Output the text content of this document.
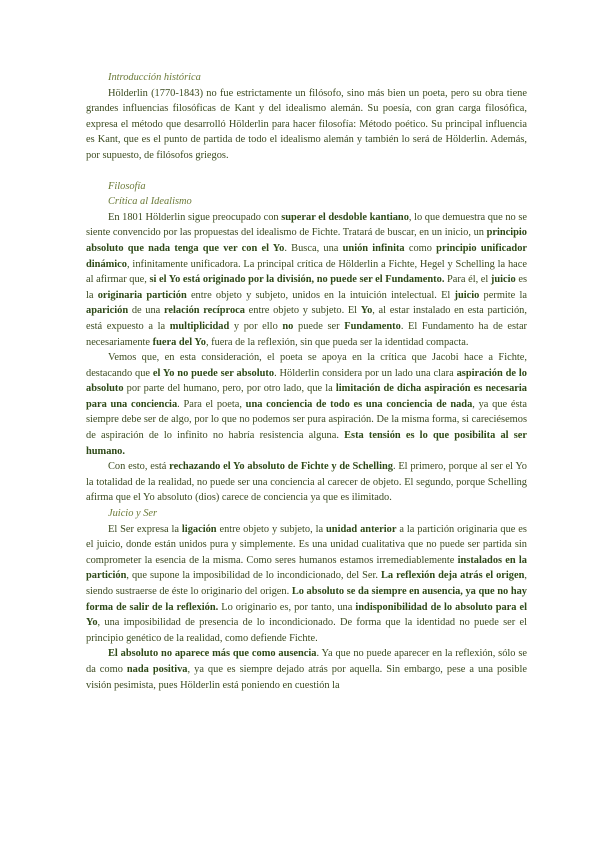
Introducción histórica

Hölderlin (1770-1843) no fue estrictamente un filósofo, sino más bien un poeta, pero su obra tiene grandes influencias filosóficas de Kant y del idealismo alemán. Su poesía, con gran carga filosófica, expresa el método que desarrolló Hölderlin para hacer filosofía: Método poético. Su principal influencia es Kant, que es el punto de partida de todo el idealismo alemán y también lo será de Hölderlin. Además, por supuesto, de filósofos griegos.

Filosofía
Crítica al Idealismo

En 1801 Hölderlin sigue preocupado con superar el desdoble kantiano, lo que demuestra que no se siente convencido por las propuestas del idealismo de Fichte. Tratará de buscar, en un inicio, un principio absoluto que nada tenga que ver con el Yo. Busca, una unión infinita como principio unificador dinámico, infinitamente unificadora. La principal crítica de Hölderlin a Fichte, Hegel y Schelling la hace al afirmar que, si el Yo está originado por la división, no puede ser el Fundamento. Para él, el juicio es la originaria partición entre objeto y subjeto, unidos en la intuición intelectual. El juicio permite la aparición de una relación recíproca entre objeto y subjeto. El Yo, al estar instalado en esta partición, está expuesto a la multiplicidad y por ello no puede ser Fundamento. El Fundamento ha de estar necesariamente fuera del Yo, fuera de la reflexión, sin que pueda ser la identidad compacta.

Vemos que, en esta consideración, el poeta se apoya en la crítica que Jacobi hace a Fichte, destacando que el Yo no puede ser absoluto. Hölderlin considera por un lado una clara aspiración de lo absoluto por parte del humano, pero, por otro lado, que la limitación de dicha aspiración es necesaria para una conciencia. Para el poeta, una conciencia de todo es una conciencia de nada, ya que ésta siempre debe ser de algo, por lo que no podemos ser pura aspiración. De la misma forma, si careciésemos de aspiración de lo infinito no habría resistencia alguna. Esta tensión es lo que posibilita al ser humano.

Con esto, está rechazando el Yo absoluto de Fichte y de Schelling. El primero, porque al ser el Yo la totalidad de la realidad, no puede ser una conciencia al carecer de objeto. El segundo, porque Schelling afirma que el Yo absoluto (dios) carece de conciencia ya que es ilimitado.

Juicio y Ser

El Ser expresa la ligación entre objeto y subjeto, la unidad anterior a la partición originaria que es el juicio, donde están unidos pura y simplemente. Es una unidad cualitativa que no puede ser partida sin comprometer la esencia de la misma. Como seres humanos estamos irremediablemente instalados en la partición, que supone la imposibilidad de lo incondicionado, del Ser. La reflexión deja atrás el origen, siendo sustraerse de éste lo originario del origen. Lo absoluto se da siempre en ausencia, ya que no hay forma de salir de la reflexión. Lo originario es, por tanto, una indisponibilidad de lo absoluto para el Yo, una imposibilidad de presencia de lo incondicionado. De forma que la identidad no puede ser el principio genético de la realidad, como defiende Fichte.

El absoluto no aparece más que como ausencia. Ya que no puede aparecer en la reflexión, sólo se da como nada positiva, ya que es siempre dejado atrás por aquella. Sin embargo, pese a una posible visión pesimista, pues Hölderlin está poniendo en cuestión la
